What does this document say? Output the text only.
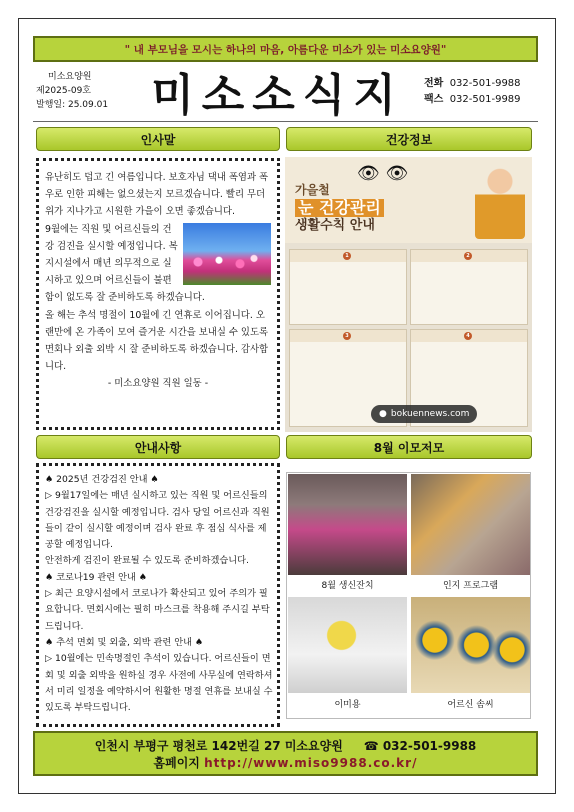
" 내 부모님을 모시는 하나의 마음, 아름다운 미소가 있는 미소요양원"
미소요양원
제2025-09호
발행일: 25.09.01 미소소식지	전화 032-501-9988
팩스 032-501-9989
인사말	건강정보
안내사항	8월 이모저모

유난히도 덥고 긴 여름입니다. 보호자님 댁내 폭염과 폭우로 인한 피해는 없으셨는지 모르겠습니다. 빨리 무더위가 지나가고 시원한 가을이 오면 좋겠습니다.

9월에는 직원 및 어르신들의 건강 검진을 실시할 예정입니다. 복지시설에서 매년 의무적으로 실시하고 있으며 어르신들이 불편함이 없도록 잘 준비하도록 하겠습니다.

올 해는 추석 명절이 10월에 긴 연휴로 이어집니다. 오랜만에 온 가족이 모여 즐거운 시간을 보내실 수 있도록 면회나 외출 외박 시 잘 준비하도록 하겠습니다. 감사합니다.

- 미소요양원 직원 일동 -

👁 👁
가을철
눈 건강관리
생활수칙 안내
1	2
3	4
● bokuennews.com

♠ 2025년 건강검진 안내 ♠

▷ 9월17일에는 매년 실시하고 있는 직원 및 어르신들의 건강검진을 실시할 예정입니다. 검사 당일 어르신과 직원들이 같이 실시할 예정이며 검사 완료 후 점심 식사를 제공할 예정입니다.

안전하게 검진이 완료될 수 있도록 준비하겠습니다.

♠ 코로나19 관련 안내 ♠

▷ 최근 요양시설에서 코로나가 확산되고 있어 주의가 필요합니다. 면회시에는 필히 마스크를 착용해 주시길 부탁드립니다.

♠ 추석 면회 및 외출, 외박 관련 안내 ♠

▷ 10월에는 민속명절인 추석이 있습니다. 어르신들이 면회 및 외출 외박을 원하실 경우 사전에 사무실에 연락하셔서 미리 일정을 예약하시어 원활한 명절 연휴를 보내실 수 있도록 부탁드립니다.

8월 생신잔치	인지 프로그램
이미용	어르신 솜씨
인천시 부평구 평천로 142번길 27 미소요양원 ☎ 032-501-9988
홈페이지 http://www.miso9988.co.kr/
